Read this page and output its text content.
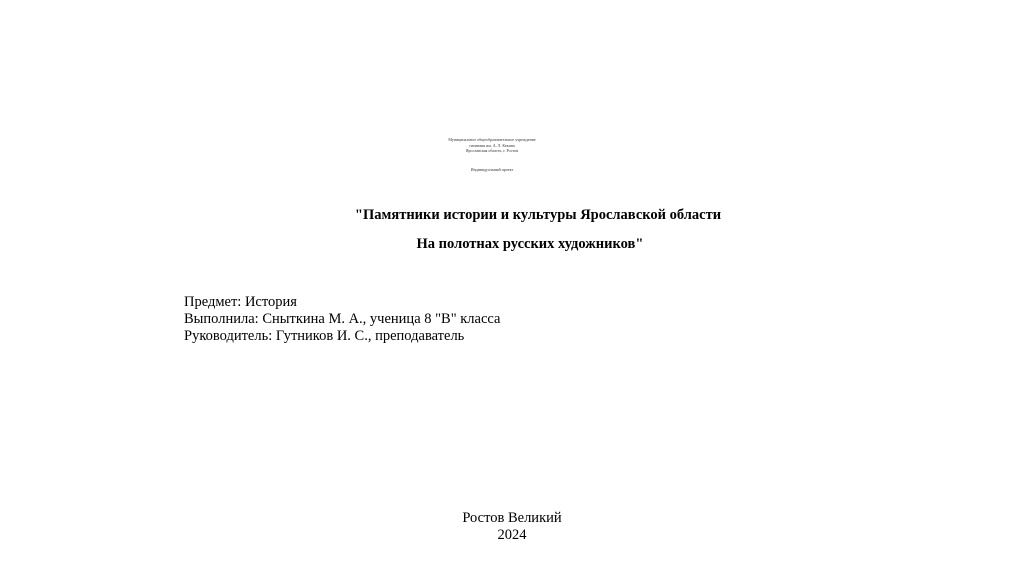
Муниципальное общеобразовательное учреждение
гимназия им. А. Л. Кекина
Ярославская область, г. Ростов
Индивидуальный проект
"Памятники истории и культуры Ярославской области
На полотнах русских художников"
Предмет: История
Выполнила: Сныткина М. А., ученица 8 "В" класса
Руководитель: Гутников И. С., преподаватель
Ростов Великий
2024
